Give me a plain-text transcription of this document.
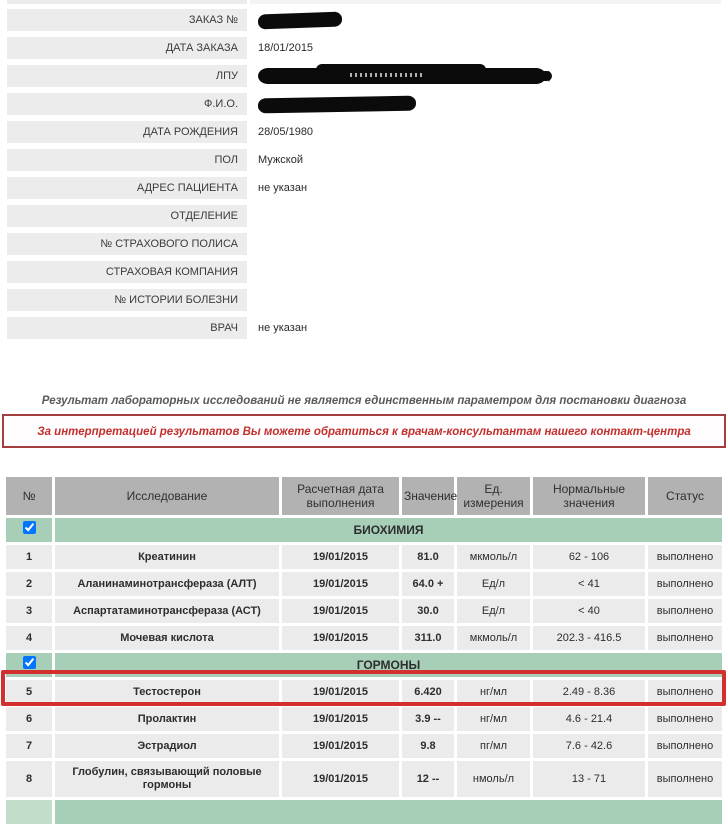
ЗАКАЗ №
ДАТА ЗАКАЗА	18/01/2015
ЛПУ
Ф.И.О.
ДАТА РОЖДЕНИЯ	28/05/1980
ПОЛ	Мужской
АДРЕС ПАЦИЕНТА	не указан
ОТДЕЛЕНИЕ
№ СТРАХОВОГО ПОЛИСА
СТРАХОВАЯ КОМПАНИЯ
№ ИСТОРИИ БОЛЕЗНИ
ВРАЧ	не указан
Результат лабораторных исследований не является единственным параметром для постановки диагноза
За интерпретацией результатов Вы можете обратиться к врачам-консультантам нашего контакт-центра
№	Исследование	Расчетная дата выполнения	Значение	Ед. измерения	Нормальные значения	Статус
	БИОХИМИЯ					
1	Креатинин	19/01/2015	81.0	мкмоль/л	62 - 106	выполнено
2	Аланинаминотрансфераза (АЛТ)	19/01/2015	64.0 +	Ед/л	< 41	выполнено
3	Аспартатаминотрансфераза (АСТ)	19/01/2015	30.0	Ед/л	< 40	выполнено
4	Мочевая кислота	19/01/2015	311.0	мкмоль/л	202.3 - 416.5	выполнено
	ГОРМОНЫ					
5	Тестостерон	19/01/2015	6.420	нг/мл	2.49 - 8.36	выполнено
6	Пролактин	19/01/2015	3.9 --	нг/мл	4.6 - 21.4	выполнено
7	Эстрадиол	19/01/2015	9.8	пг/мл	7.6 - 42.6	выполнено
8	Глобулин, связывающий половые гормоны	19/01/2015	12 --	нмоль/л	13 - 71	выполнено
